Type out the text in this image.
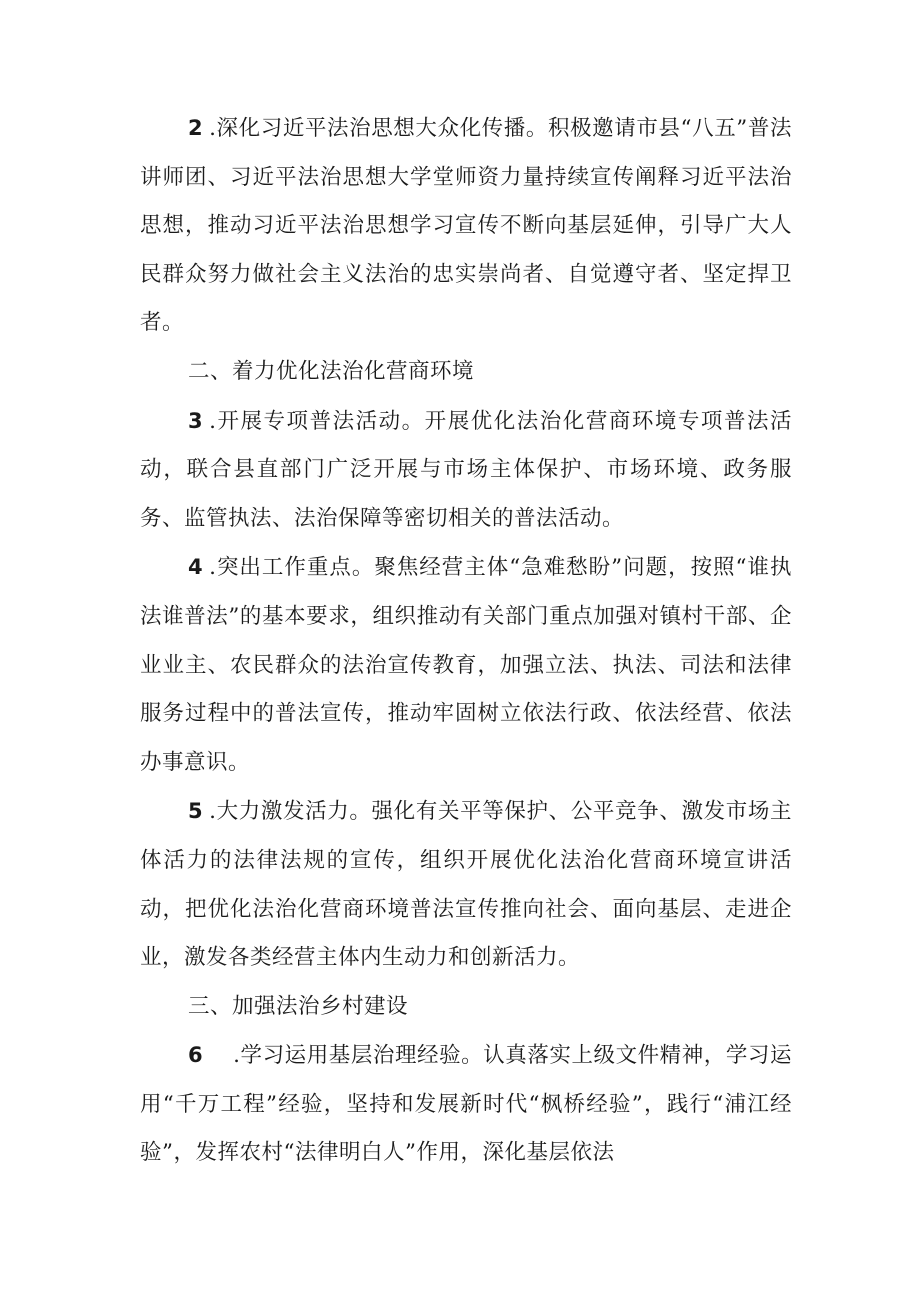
2 .深化习近平法治思想大众化传播。积极邀请市县“八五”普法讲师团、习近平法治思想大学堂师资力量持续宣传阐释习近平法治思想，推动习近平法治思想学习宣传不断向基层延伸，引导广大人民群众努力做社会主义法治的忠实崇尚者、自觉遵守者、坚定捍卫者。

二、着力优化法治化营商环境

3 .开展专项普法活动。开展优化法治化营商环境专项普法活动，联合县直部门广泛开展与市场主体保护、市场环境、政务服务、监管执法、法治保障等密切相关的普法活动。

4 .突出工作重点。聚焦经营主体“急难愁盼”问题，按照“谁执法谁普法”的基本要求，组织推动有关部门重点加强对镇村干部、企业业主、农民群众的法治宣传教育，加强立法、执法、司法和法律服务过程中的普法宣传，推动牢固树立依法行政、依法经营、依法办事意识。

5 .大力激发活力。强化有关平等保护、公平竞争、激发市场主体活力的法律法规的宣传，组织开展优化法治化营商环境宣讲活动，把优化法治化营商环境普法宣传推向社会、面向基层、走进企业，激发各类经营主体内生动力和创新活力。

三、加强法治乡村建设

6 .学习运用基层治理经验。认真落实上级文件精神，学习运用“千万工程”经验，坚持和发展新时代“枫桥经验”，践行“浦江经验”，发挥农村“法律明白人”作用，深化基层依法
